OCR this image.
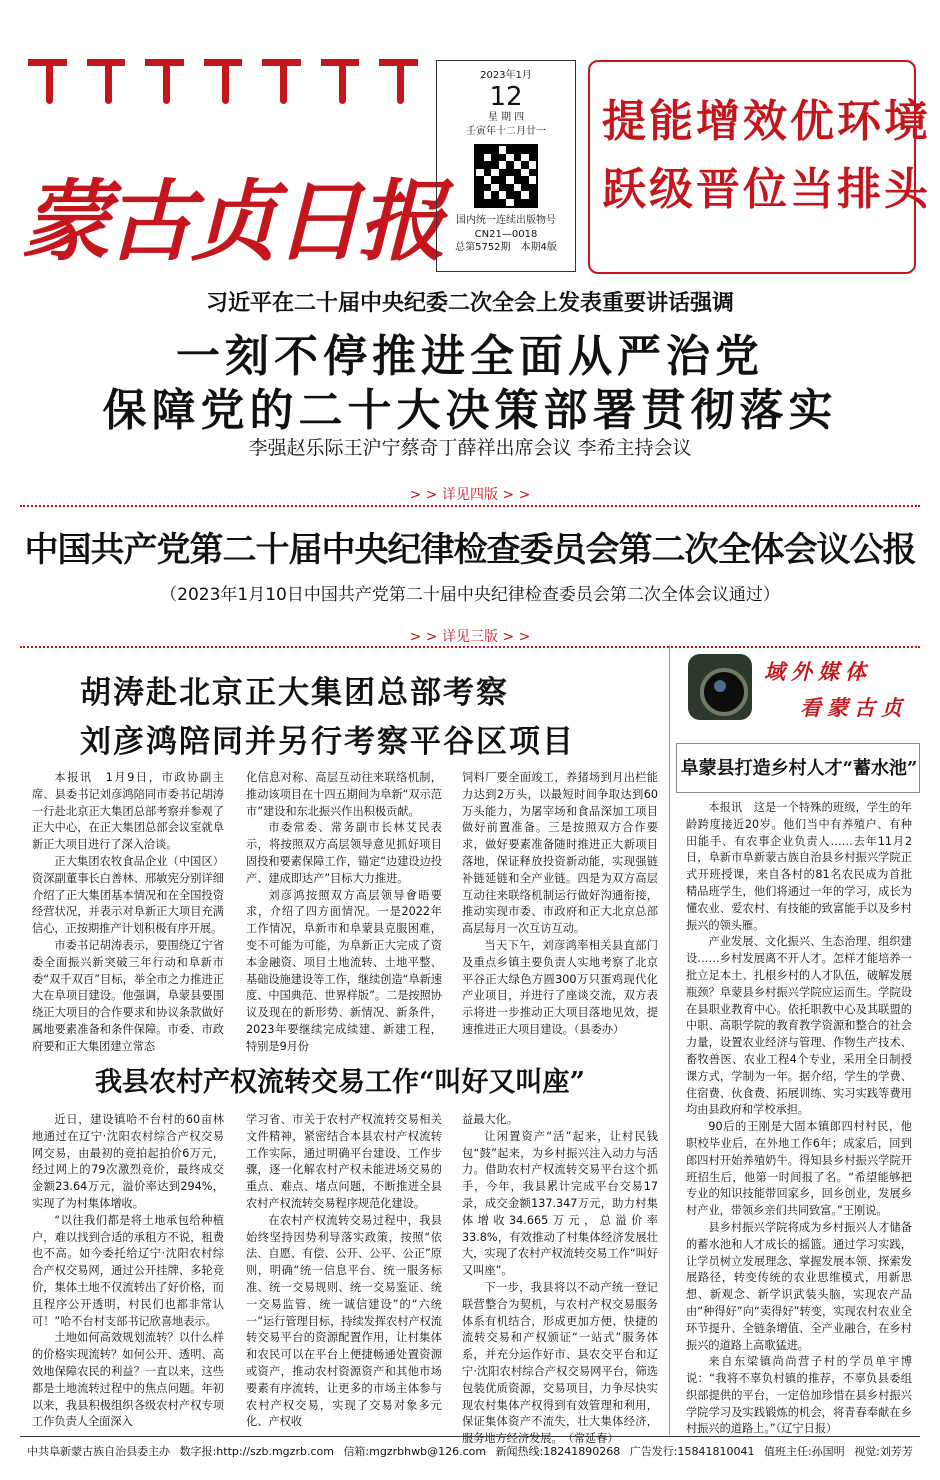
蒙古贞日报
2023年1月
12
星 期 四
壬寅年十二月廿一
国内统一连续出版物号
CN21—0018
总第5752期　本期4版
提能增效优环境
跃级晋位当排头
习近平在二十届中央纪委二次全会上发表重要讲话强调
一刻不停推进全面从严治党
保障党的二十大决策部署贯彻落实
李强赵乐际王沪宁蔡奇丁薛祥出席会议 李希主持会议
> > 详见四版 > >
中国共产党第二十届中央纪律检查委员会第二次全体会议公报
（2023年1月10日中国共产党第二十届中央纪律检查委员会第二次全体会议通过）
> > 详见三版 > >
胡涛赴北京正大集团总部考察
刘彦鸿陪同并另行考察平谷区项目

本报讯　1月9日，市政协副主席、县委书记刘彦鸿陪同市委书记胡涛一行赴北京正大集团总部考察并参观了正大中心，在正大集团总部会议室就阜新正大项目进行了深入洽谈。

正大集团农牧食品企业（中国区）资深副董事长白善林、邢敏宪分别详细介绍了正大集团基本情况和在全国投资经营状况，并表示对阜新正大项目充满信心，正按期推产计划积极有序开展。

市委书记胡涛表示，要围绕辽宁省委全面振兴新突破三年行动和阜新市委“双千双百”目标，举全市之力推进正大在阜项目建设。他强调，阜蒙县要围绕正大项目的合作要求和协议条款做好属地要素准备和条件保障。市委、市政府要和正大集团建立常态

化信息对称、高层互动往来联络机制，推动该项目在十四五期间为阜新“双示范市”建设和东北振兴作出积极贡献。

市委常委、常务副市长林艾民表示，将按照双方高层领导意见抓好项目固投和要素保障工作，锚定“边建设边投产、建成即达产”目标大力推进。

刘彦鸿按照双方高层领导會晤要求，介绍了四方面情况。一是2022年工作情况，阜新市和阜蒙县克服困难，变不可能为可能，为阜新正大完成了资本金融资、项目土地流转、土地平整、基础设施建设等工作，继续创造“阜新速度、中国典范、世界样版”。二是按照协议及现在的新形势、新情况、新条件，2023年要继续完成续建、新建工程，特别是9月份

饲料厂要全面竣工，养猪场到月出栏能力达到2万头，以最短时间争取达到60万头能力，为屠宰场和食品深加工项目做好前置准备。三是按照双方合作要求，做好要素准备随时推进正大新项目落地，保证释放投资新动能，实现强链补链延链和全产业链。四是为双方高层互动往来联络机制运行做好沟通衔接，推动实现市委、市政府和正大北京总部高层每月一次互访互动。

当天下午，刘彦鸿率相关县直部门及重点乡镇主要负责人实地考察了北京平谷正大绿色方圆300万只蛋鸡现代化产业项目，并进行了座谈交流，双方表示将进一步推动正大项目落地见效，提速推进正大项目建设。（县委办）

我县农村产权流转交易工作“叫好又叫座”

近日，建设镇哈不台村的60亩林地通过在辽宁·沈阳农村综合产权交易网交易，由最初的竞拍起拍价6万元，经过网上的79次激烈竞价，最终成交金额23.64万元，溢价率达到294%，实现了为村集体增收。

“以往我们都是将土地承包给种植户，难以找到合适的承租方不说，租费也不高。如今委托给辽宁·沈阳农村综合产权交易网，通过公开挂牌、多轮竞价，集体土地不仅流转出了好价格，而且程序公开透明，村民们也都非常认可！”哈不台村支部书记欣喜地表示。

土地如何高效规划流转？以什么样的价格实现流转？如何公开、透明、高效地保障农民的利益？一直以来，这些都是土地流转过程中的焦点问题。年初以来，我县积极组织各级农村产权专项工作负责人全面深入

学习省、市关于农村产权流转交易相关文件精神，紧密结合本县农村产权流转工作实际，通过明确平台建设、工作步骤，逐一化解农村产权未能进场交易的重点、难点、堵点问题，不断推进全县农村产权流转交易程序规范化建设。

在农村产权流转交易过程中，我县始终坚持因势利导落实政策，按照“依法、自愿、有偿、公开、公平、公正”原则，明确“统一信息平台、统一服务标准、统一交易规则、统一交易鉴证、统一交易监管、统一诚信建设”的“六统一”运行管理目标，持续发挥农村产权流转交易平台的资源配置作用，让村集体和农民可以在平台上便捷畅通处置资源或资产，推动农村资源资产和其他市场要素有序流转，让更多的市场主体参与农村产权交易，实现了交易对象多元化、产权收

益最大化。

让闲置资产“活”起来，让村民钱包“鼓”起来，为乡村振兴注入动力与活力。借助农村产权流转交易平台这个抓手，今年，我县累计完成平台交易17录，成交金额137.347万元，助力村集体增收34.665万元，总溢价率33.8%，有效推动了村集体经济发展壮大，实现了农村产权流转交易工作“叫好又叫座”。

下一步，我县将以不动产统一登记联营整合为契机，与农村产权交易服务体系有机结合，形成更加方便、快捷的流转交易和产权颁证“一站式”服务体系，并充分运作好市、县农交平台和辽宁·沈阳农村综合产权交易网平台，筛选包装优质资源，交易项目，力争尽快实现农村集体产权得到有效管理和利用，保证集体资产不流失，壮大集体经济，服务地方经济发展。　（常延春）

域外媒体
看蒙古贞
阜蒙县打造乡村人才“蓄水池”

本报讯　这是一个特殊的班级，学生的年龄跨度接近20岁。他们当中有养殖户、有种田能手、有农事企业负责人……去年11月2日，阜新市阜新蒙古族自治县乡村振兴学院正式开班授课，来自各村的81名农民成为首批精品班学生，他们将通过一年的学习，成长为懂农业、爱农村、有技能的致富能手以及乡村振兴的领头雁。

产业发展、文化振兴、生态治理、组织建设……乡村发展离不开人才。怎样才能培养一批立足本土、扎根乡村的人才队伍，破解发展瓶颈？阜蒙县乡村振兴学院应运而生。学院设在县职业教育中心。依托职教中心及其联盟的中职、高职学院的教育教学资源和整合的社会力量，设置农业经济与管理、作物生产技术、畜牧兽医、农业工程4个专业，采用全日制授课方式，学制为一年。据介绍，学生的学费、住宿费、伙食费、拓展训练、实习实践等费用均由县政府和学校承担。

90后的王刚是大固本镇郎四村村民，他职校毕业后，在外地工作6年；成家后，回到郎四村开始养殖奶牛。得知县乡村振兴学院开班招生后，他第一时间报了名。“希望能够把专业的知识技能带回家乡，回乡创业，发展乡村产业，带领乡亲们共同致富。”王刚说。

县乡村振兴学院将成为乡村振兴人才储备的蓄水池和人才成长的摇篮。通过学习实践，让学员树立发展理念、掌握发展本领、探索发展路径，转变传统的农业思维模式，用新思想、新观念、新学识武装头脑，实现农产品由“种得好”向“卖得好”转变，实现农村农业全环节提升、全链条增值、全产业融合，在乡村振兴的道路上高歌猛进。

来自东梁镇尚尚营子村的学员单宇博说：“我将不辜负村镇的推荐，不辜负县委组织部提供的平台，一定倍加珍惜在县乡村振兴学院学习及实践锻炼的机会，将青春奉献在乡村振兴的道路上。”（辽宁日报）

中共阜新蒙古族自治县委主办 数字报:http://szb.mgzrb.com 信箱:mgzrbhwb@126.com 新闻热线:18241890268 广告发行:15841810041 值班主任:孙国明 视觉:刘芳芳
